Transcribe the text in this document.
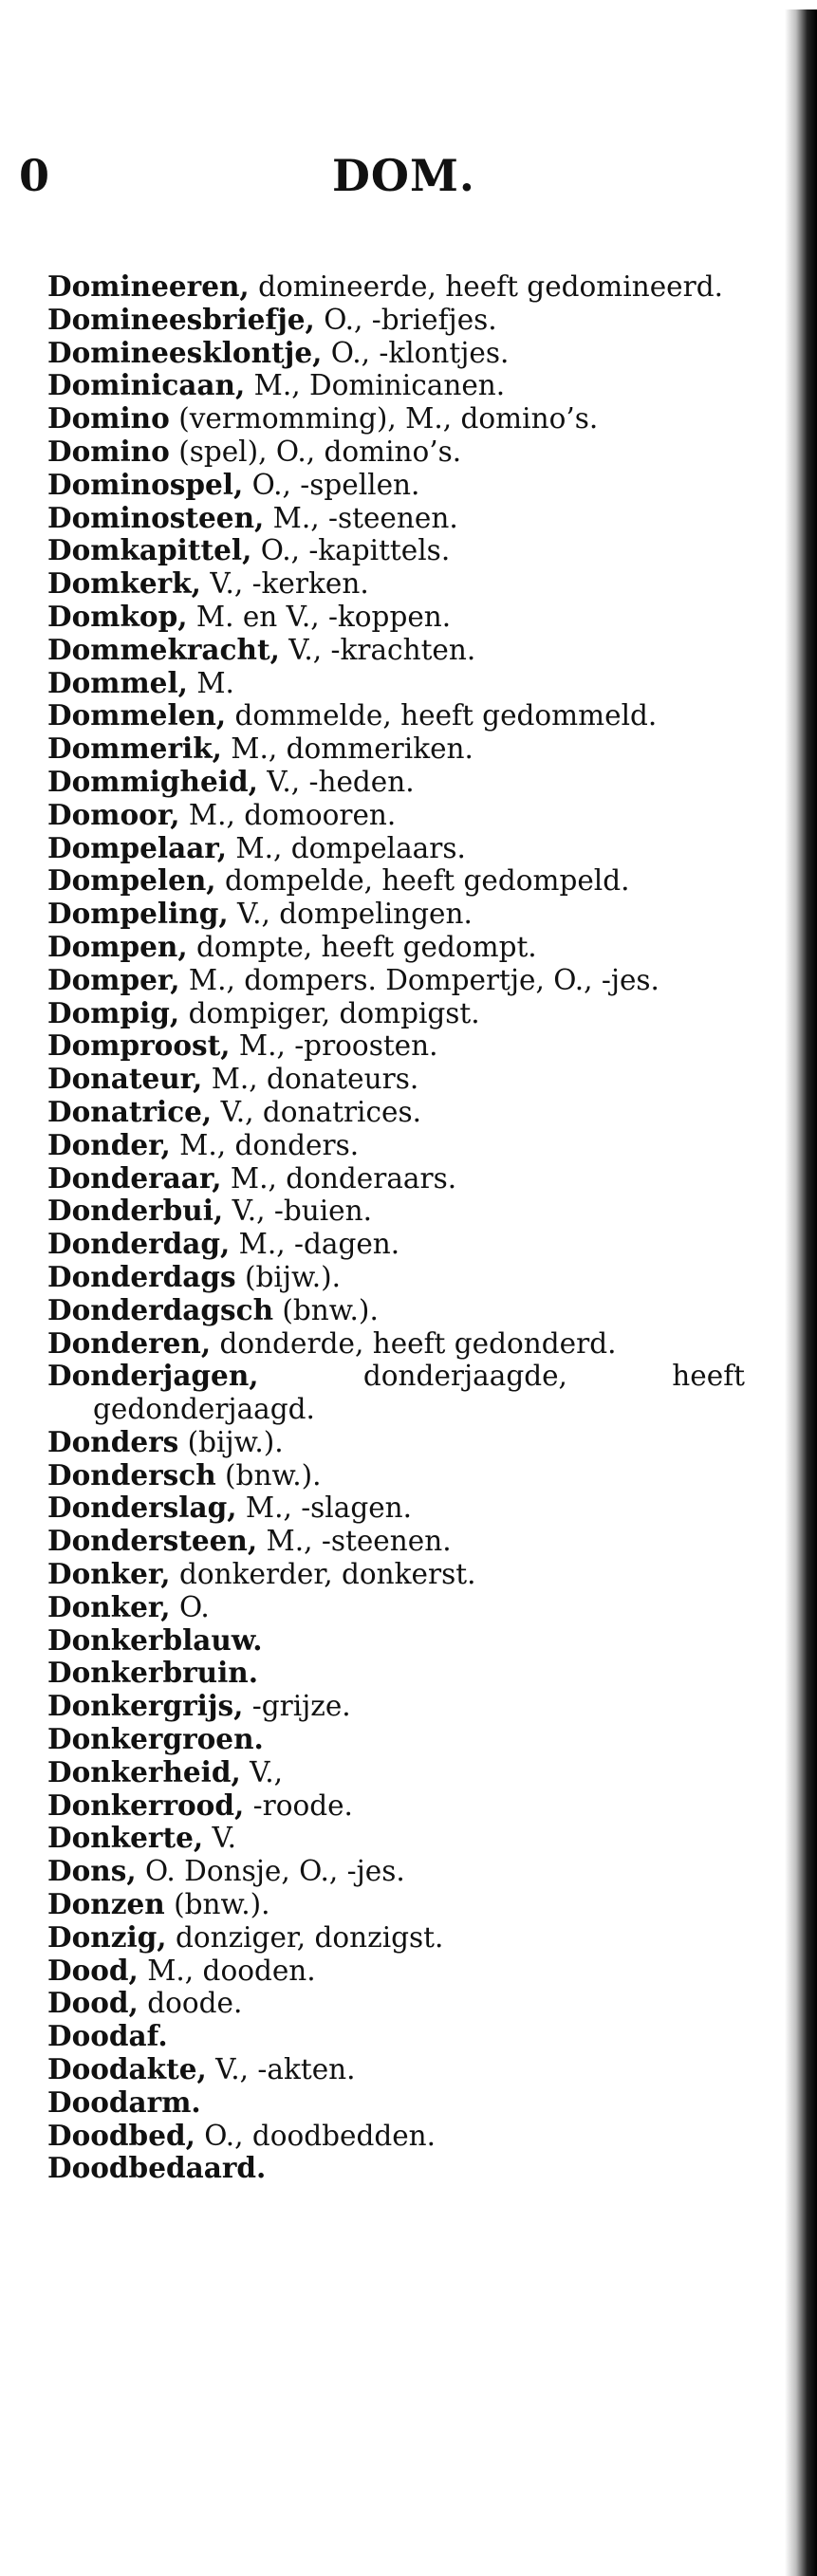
0	DOM.

Domineeren, domineerde, heeft gedomineerd.

Domineesbriefje, O., -briefjes.

Domineesklontje, O., -klontjes.

Dominicaan, M., Dominicanen.

Domino (vermomming), M., domino’s.

Domino (spel), O., domino’s.

Dominospel, O., -spellen.

Dominosteen, M., -steenen.

Domkapittel, O., -kapittels.

Domkerk, V., -kerken.

Domkop, M. en V., -koppen.

Dommekracht, V., -krachten.

Dommel, M.

Dommelen, dommelde, heeft gedommeld.

Dommerik, M., dommeriken.

Dommigheid, V., -heden.

Domoor, M., domooren.

Dompelaar, M., dompelaars.

Dompelen, dompelde, heeft gedompeld.

Dompeling, V., dompelingen.

Dompen, dompte, heeft gedompt.

Domper, M., dompers. Dompertje, O., -jes.

Dompig, dompiger, dompigst.

Domproost, M., -proosten.

Donateur, M., donateurs.

Donatrice, V., donatrices.

Donder, M., donders.

Donderaar, M., donderaars.

Donderbui, V., -buien.

Donderdag, M., -dagen.

Donderdags (bijw.).

Donderdagsch (bnw.).

Donderen, donderde, heeft gedonderd.

Donderjagen, donderjaagde, heeft gedonderjaagd.

Donders (bijw.).

Dondersch (bnw.).

Donderslag, M., -slagen.

Dondersteen, M., -steenen.

Donker, donkerder, donkerst.

Donker, O.

Donkerblauw.

Donkerbruin.

Donkergrijs, -grijze.

Donkergroen.

Donkerheid, V.,

Donkerrood, -roode.

Donkerte, V.

Dons, O. Donsje, O., -jes.

Donzen (bnw.).

Donzig, donziger, donzigst.

Dood, M., dooden.

Dood, doode.

Doodaf.

Doodakte, V., -akten.

Doodarm.

Doodbed, O., doodbedden.

Doodbedaard.
